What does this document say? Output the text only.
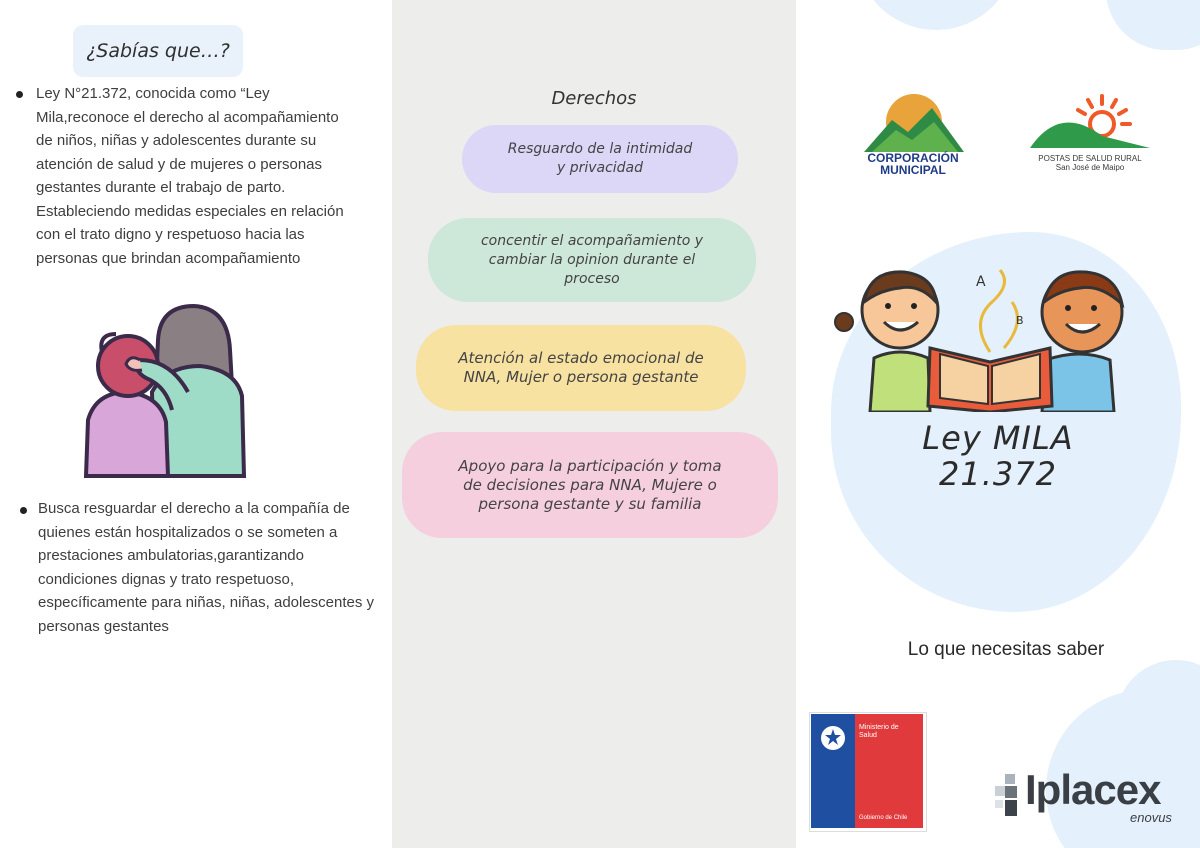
¿Sabías que…?
Ley N°21.372, conocida como “Ley Mila,reconoce el derecho al acompañamiento de niños, niñas y adolescentes durante su atención de salud y de mujeres o personas gestantes durante el trabajo de parto. Estableciendo medidas especiales en relación con el trato digno y respetuoso hacia las personas que brindan acompañamiento
Busca resguardar el derecho a la compañía de quienes están hospitalizados o se someten a prestaciones ambulatorias,garantizando condiciones dignas y trato respetuoso, específicamente para niñas, niñas, adolescentes y personas gestantes
Derechos
Resguardo de la intimidad y privacidad
concentir el acompañamiento y cambiar la opinion durante el proceso
Atención al estado emocional de NNA, Mujer o persona gestante
Apoyo para la participación y toma de decisiones para NNA, Mujere o persona gestante y su familia
CORPORACIÓN
MUNICIPAL
POSTAS DE SALUD RURAL
San José de Maipo
A
B
Ley MILA
21.372
Lo que necesitas saber
Ministerio de
Salud
Gobierno de Chile
Iplacex
enovus
